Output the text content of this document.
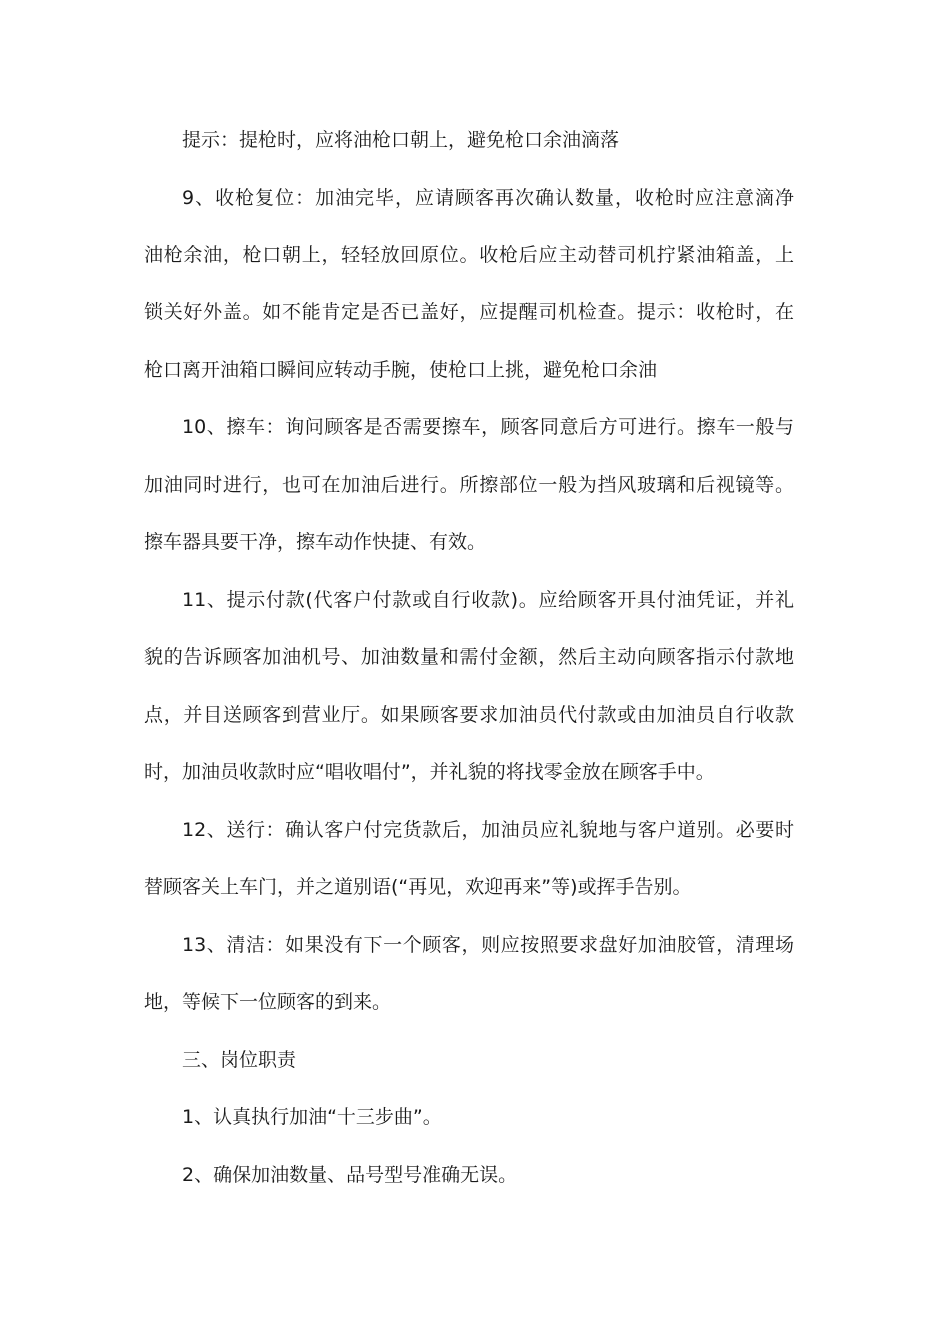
提示：提枪时，应将油枪口朝上，避免枪口余油滴落
9、收枪复位：加油完毕，应请顾客再次确认数量，收枪时应注意滴净
油枪余油，枪口朝上，轻轻放回原位。收枪后应主动替司机拧紧油箱盖，上
锁关好外盖。如不能肯定是否已盖好，应提醒司机检查。提示：收枪时，在
枪口离开油箱口瞬间应转动手腕，使枪口上挑，避免枪口余油
10、擦车：询问顾客是否需要擦车，顾客同意后方可进行。擦车一般与
加油同时进行，也可在加油后进行。所擦部位一般为挡风玻璃和后视镜等。
擦车器具要干净，擦车动作快捷、有效。
11、提示付款(代客户付款或自行收款)。应给顾客开具付油凭证，并礼
貌的告诉顾客加油机号、加油数量和需付金额，然后主动向顾客指示付款地
点，并目送顾客到营业厅。如果顾客要求加油员代付款或由加油员自行收款
时，加油员收款时应“唱收唱付”，并礼貌的将找零金放在顾客手中。
12、送行：确认客户付完货款后，加油员应礼貌地与客户道别。必要时
替顾客关上车门，并之道别语(“再见，欢迎再来”等)或挥手告别。
13、清洁：如果没有下一个顾客，则应按照要求盘好加油胶管，清理场
地，等候下一位顾客的到来。
三、岗位职责
1、认真执行加油“十三步曲”。
2、确保加油数量、品号型号准确无误。
